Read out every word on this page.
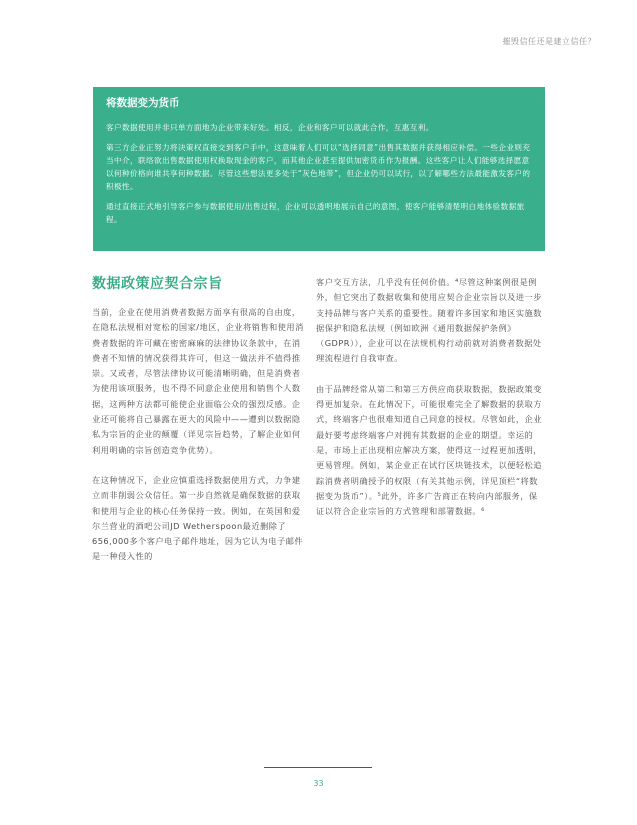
摧毁信任还是建立信任？
将数据变为货币

客户数据使用并非只单方面地为企业带来好处。相反，企业和客户可以就此合作，互惠互利。

第三方企业正努力将决策权直接交到客户手中，这意味着人们可以“选择同意”出售其数据并获得相应补偿。一些企业则充当中介，联络欲出售数据使用权换取现金的客户，而其他企业甚至提供加密货币作为报酬。这些客户让人们能够选择愿意以何种价格向谁共享何种数据。尽管这些想法更多处于“灰色地带”，但企业仍可以试行，以了解哪些方法最能激发客户的积极性。

通过直接正式地引导客户参与数据使用/出售过程，企业可以透明地展示自己的意图，使客户能够清楚明白地体验数据旅程。

数据政策应契合宗旨

当前，企业在使用消费者数据方面享有很高的自由度，在隐私法规相对宽松的国家/地区，企业将销售和使用消费者数据的许可藏在密密麻麻的法律协议条款中，在消费者不知情的情况获得其许可，但这一做法并不值得推崇。又或者，尽管法律协议可能清晰明确，但是消费者为使用该项服务，也不得不同意企业使用和销售个人数据，这两种方法都可能使企业面临公众的强烈反感。企业还可能将自己暴露在更大的风险中——遭到以数据隐私为宗旨的企业的颠覆（详见宗旨趋势，了解企业如何利用明确的宗旨创造竞争优势）。

在这种情况下，企业应慎重选择数据使用方式，力争建立而非削弱公众信任。第一步自然就是确保数据的获取和使用与企业的核心任务保持一致。例如，在英国和爱尔兰营业的酒吧公司JD Wetherspoon最近删除了656,000多个客户电子邮件地址，因为它认为电子邮件是一种侵入性的

客户交互方法，几乎没有任何价值。⁴尽管这种案例很是例外，但它突出了数据收集和使用应契合企业宗旨以及进一步支持品牌与客户关系的重要性。随着许多国家和地区实施数据保护和隐私法规（例如欧洲《通用数据保护条例》（GDPR）），企业可以在法规机构行动前就对消费者数据处理流程进行自我审查。

由于品牌经常从第二和第三方供应商获取数据，数据政策变得更加复杂。在此情况下，可能很难完全了解数据的获取方式，终端客户也很难知道自己同意的授权。尽管如此，企业最好要考虑终端客户对拥有其数据的企业的期望。幸运的是，市场上正出现相应解决方案，使得这一过程更加透明，更易管理。例如，某企业正在试行区块链技术，以便轻松追踪消费者明确授予的权限（有关其他示例，详见顶栏“将数据变为货币”）。⁵此外，许多广告商正在转向内部服务，保证以符合企业宗旨的方式管理和部署数据。⁶

33
